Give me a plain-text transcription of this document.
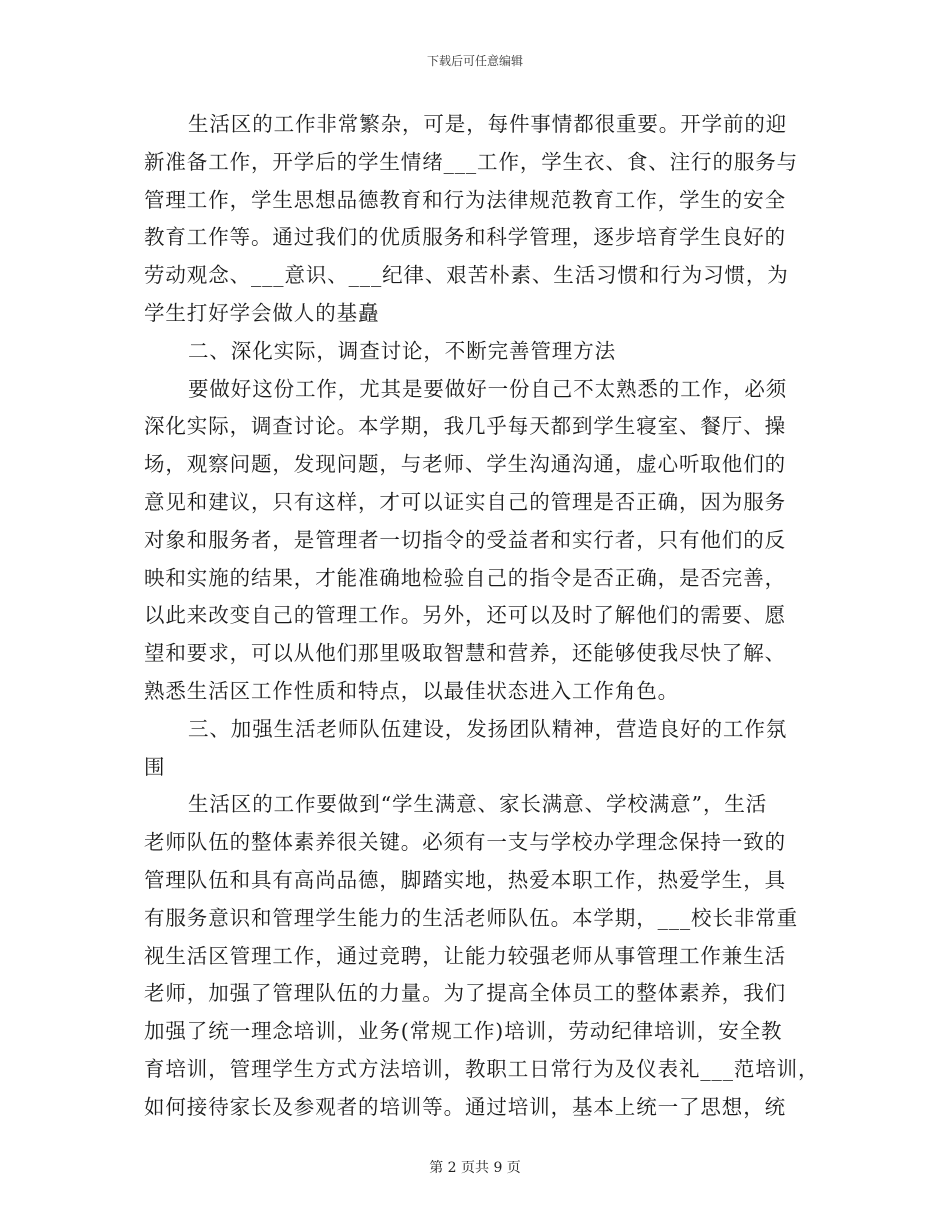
下载后可任意编辑
生活区的工作非常繁杂，可是，每件事情都很重要。开学前的迎
新准备工作，开学后的学生情绪___工作，学生衣、食、注行的服务与
管理工作，学生思想品德教育和行为法律规范教育工作，学生的安全
教育工作等。通过我们的优质服务和科学管理，逐步培育学生良好的
劳动观念、___意识、___纪律、艰苦朴素、生活习惯和行为习惯，为
学生打好学会做人的基矗
二、深化实际，调查讨论，不断完善管理方法
要做好这份工作，尤其是要做好一份自己不太熟悉的工作，必须
深化实际，调查讨论。本学期，我几乎每天都到学生寝室、餐厅、操
场，观察问题，发现问题，与老师、学生沟通沟通，虚心听取他们的
意见和建议，只有这样，才可以证实自己的管理是否正确，因为服务
对象和服务者，是管理者一切指令的受益者和实行者，只有他们的反
映和实施的结果，才能准确地检验自己的指令是否正确，是否完善，
以此来改变自己的管理工作。另外，还可以及时了解他们的需要、愿
望和要求，可以从他们那里吸取智慧和营养，还能够使我尽快了解、
熟悉生活区工作性质和特点，以最佳状态进入工作角色。
三、加强生活老师队伍建设，发扬团队精神，营造良好的工作氛
围
生活区的工作要做到“学生满意、家长满意、学校满意”，生活
老师队伍的整体素养很关键。必须有一支与学校办学理念保持一致的
管理队伍和具有高尚品德，脚踏实地，热爱本职工作，热爱学生，具
有服务意识和管理学生能力的生活老师队伍。本学期，___校长非常重
视生活区管理工作，通过竞聘，让能力较强老师从事管理工作兼生活
老师，加强了管理队伍的力量。为了提高全体员工的整体素养，我们
加强了统一理念培训，业务(常规工作)培训，劳动纪律培训，安全教
育培训，管理学生方式方法培训，教职工日常行为及仪表礼___范培训，
如何接待家长及参观者的培训等。通过培训，基本上统一了思想，统
第 2 页共 9 页
